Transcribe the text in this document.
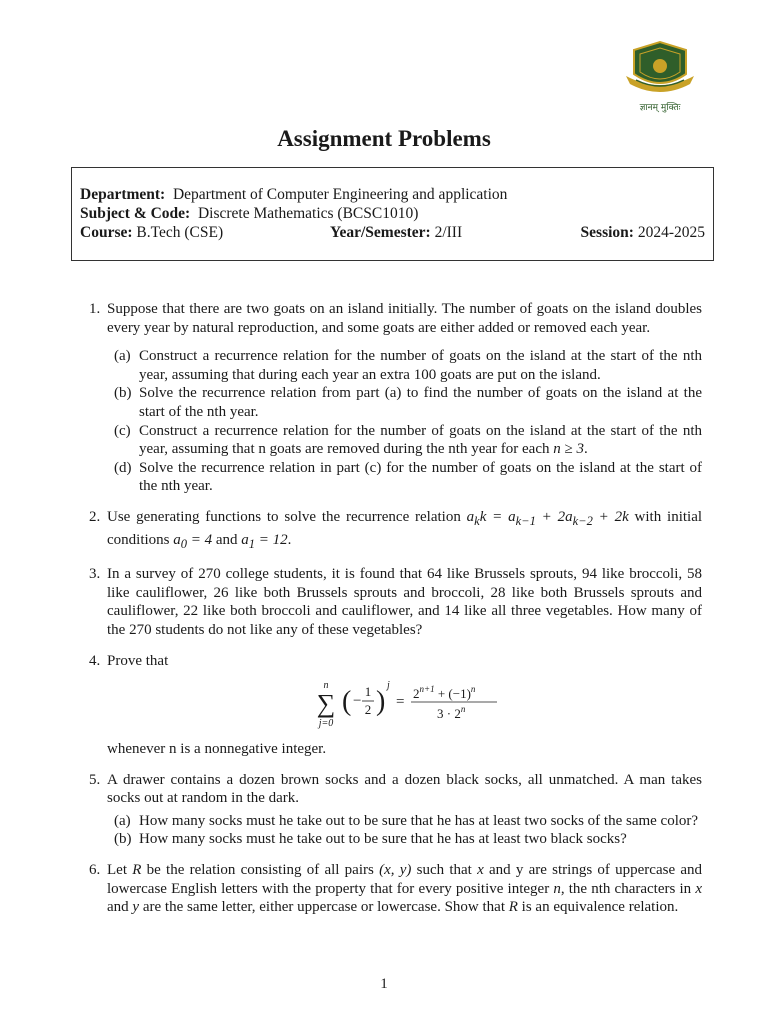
ज्ञानम् मुक्तिः
Assignment Problems
Department: Department of Computer Engineering and application
Subject & Code: Discrete Mathematics (BCSC1010)
Course: B.Tech (CSE)	Year/Semester: 2/III	Session: 2024-2025
1. Suppose that there are two goats on an island initially. The number of goats on the island doubles every year by natural reproduction, and some goats are either added or removed each year.
(a) Construct a recurrence relation for the number of goats on the island at the start of the nth year, assuming that during each year an extra 100 goats are put on the island.
(b) Solve the recurrence relation from part (a) to find the number of goats on the island at the start of the nth year.
(c) Construct a recurrence relation for the number of goats on the island at the start of the nth year, assuming that n goats are removed during the nth year for each n ≥ 3.
(d) Solve the recurrence relation in part (c) for the number of goats on the island at the start of the nth year.
2. Use generating functions to solve the recurrence relation $a_kk = a_{k-1} + 2a_{k-2} + 2k$ with initial conditions $a_0 = 4$ and $a_1 = 12$.
3. In a survey of 270 college students, it is found that 64 like Brussels sprouts, 94 like broccoli, 58 like cauliflower, 26 like both Brussels sprouts and broccoli, 28 like both Brussels sprouts and cauliflower, 22 like both broccoli and cauliflower, and 14 like all three vegetables. How many of the 270 students do not like any of these vegetables?
4. Prove that
n
∑
j=0
( −
1
2 )
j
=
$2^{n+1} + (-1)^n$
$3 \cdot 2^n$
whenever n is a nonnegative integer.
5. A drawer contains a dozen brown socks and a dozen black socks, all unmatched. A man takes socks out at random in the dark.
(a) How many socks must he take out to be sure that he has at least two socks of the same color?
(b) How many socks must he take out to be sure that he has at least two black socks?
6. Let R be the relation consisting of all pairs (x, y) such that x and y are strings of uppercase and lowercase English letters with the property that for every positive integer n, the nth characters in x and y are the same letter, either uppercase or lowercase. Show that R is an equivalence relation.
1
